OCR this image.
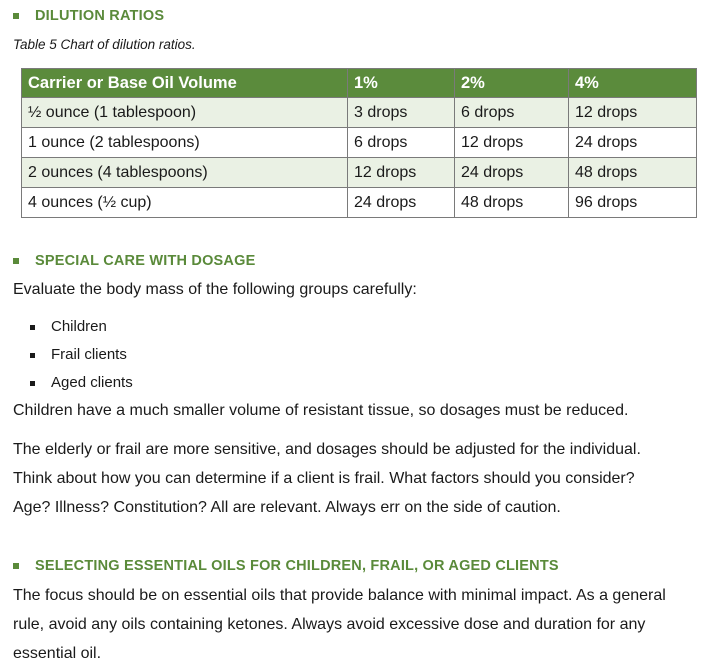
DILUTION RATIOS
Table 5 Chart of dilution ratios.
Carrier or Base Oil Volume	1%	2%	4%
½ ounce (1 tablespoon)	3 drops	6 drops	12 drops
1 ounce (2 tablespoons)	6 drops	12 drops	24 drops
2 ounces (4 tablespoons)	12 drops	24 drops	48 drops
4 ounces (½ cup)	24 drops	48 drops	96 drops
SPECIAL CARE WITH DOSAGE
Evaluate the body mass of the following groups carefully:
Children
Frail clients
Aged clients
Children have a much smaller volume of resistant tissue, so dosages must be reduced.
The elderly or frail are more sensitive, and dosages should be adjusted for the individual.
Think about how you can determine if a client is frail. What factors should you consider?
Age? Illness? Constitution? All are relevant. Always err on the side of caution.
SELECTING ESSENTIAL OILS FOR CHILDREN, FRAIL, OR AGED CLIENTS
The focus should be on essential oils that provide balance with minimal impact. As a general
rule, avoid any oils containing ketones. Always avoid excessive dose and duration for any
essential oil.
